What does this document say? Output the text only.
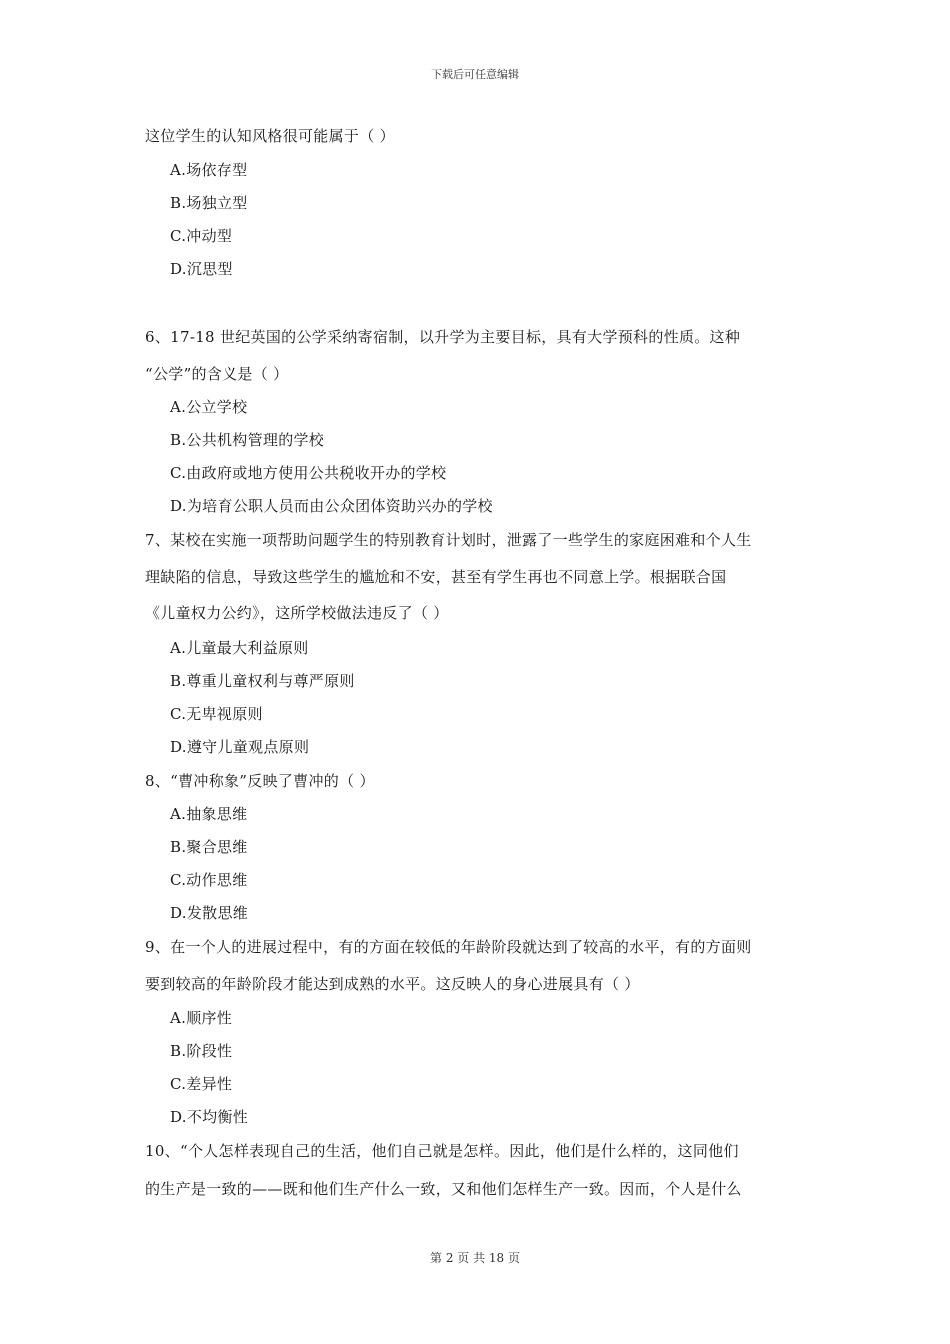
下载后可任意编辑
这位学生的认知风格很可能属于（ ）
A.场依存型
B.场独立型
C.冲动型
D.沉思型
6、17-18 世纪英国的公学采纳寄宿制，以升学为主要目标，具有大学预科的性质。这种
“公学”的含义是（ ）
A.公立学校
B.公共机构管理的学校
C.由政府或地方使用公共税收开办的学校
D.为培育公职人员而由公众团体资助兴办的学校
7、某校在实施一项帮助问题学生的特别教育计划时，泄露了一些学生的家庭困难和个人生
理缺陷的信息，导致这些学生的尴尬和不安，甚至有学生再也不同意上学。根据联合国
《儿童权力公约》，这所学校做法违反了（ ）
A.儿童最大利益原则
B.尊重儿童权利与尊严原则
C.无卑视原则
D.遵守儿童观点原则
8、“曹冲称象”反映了曹冲的（ ）
A.抽象思维
B.聚合思维
C.动作思维
D.发散思维
9、在一个人的进展过程中，有的方面在较低的年龄阶段就达到了较高的水平，有的方面则
要到较高的年龄阶段才能达到成熟的水平。这反映人的身心进展具有（ ）
A.顺序性
B.阶段性
C.差异性
D.不均衡性
10、“个人怎样表现自己的生活，他们自己就是怎样。因此，他们是什么样的，这同他们
的生产是一致的——既和他们生产什么一致，又和他们怎样生产一致。因而，个人是什么
第 2 页 共 18 页
